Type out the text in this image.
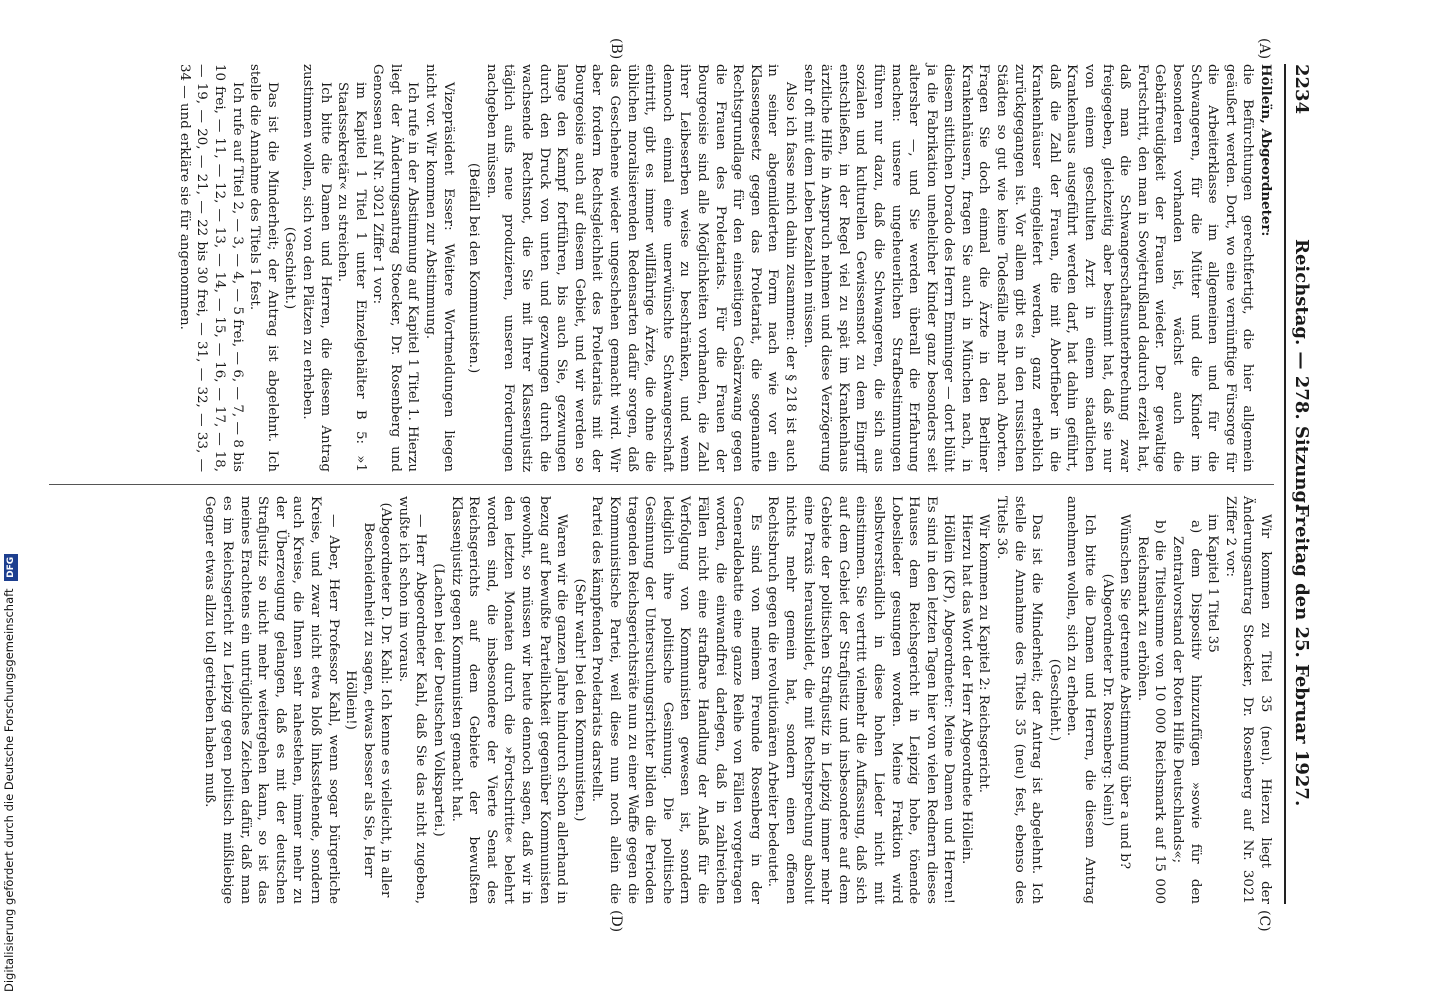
2234
Reichstag. — 278. Sitzung.
Freitag den 25. Februar 1927.
(A)
(B)
(C)
(D)

Hölleïn, Abgeordneter:

die Befürchtungen gerechtfertigt, die hier allgemein geäußert werden. Dort, wo eine vernünftige Fürsorge für die Arbeiterklasse im allgemeinen und für die Schwangeren, für die Mütter und die Kinder im besonderen vorhanden ist, wächst auch die Gebärfreudigkeit der Frauen wieder. Der gewaltige Fortschritt, den man in Sowjetrußland dadurch erzielt hat, daß man die Schwangerschaftsunterbrechung zwar freigegeben, gleichzeitig aber bestimmt hat, daß sie nur von einem geschulten Arzt in einem staatlichen Krankenhaus ausgeführt werden darf, hat dahin geführt, daß die Zahl der Frauen, die mit Abortfieber in die Krankenhäuser eingeliefert werden, ganz erheblich zurückgegangen ist. Vor allem gibt es in den russischen Städten so gut wie keine Todesfälle mehr nach Aborten. Fragen Sie doch einmal die Ärzte in den Berliner Krankenhäusern, fragen Sie auch in München nach, in diesem sittlichen Dorado des Herrn Emminger — dort blüht ja die Fabrikation unehelicher Kinder ganz besonders seit altersher —, und Sie werden überall die Erfahrung machen: unsere ungeheuerlichen Strafbestimmungen führen nur dazu, daß die Schwangeren, die sich aus sozialen und kulturellen Gewissensnot zu dem Eingriff entschließen, in der Regel viel zu spät im Krankenhaus ärztliche Hilfe in Anspruch nehmen und diese Verzögerung sehr oft mit dem Leben bezahlen müssen.

Also ich fasse mich dahin zusammen: der § 218 ist auch in seiner abgemilderten Form nach wie vor ein Klassengesetz gegen das Proletariat, die sogenannte Rechtsgrundlage für den einseitigen Gebärzwang gegen die Frauen des Proletariats. Für die Frauen der Bourgeoisie sind alle Möglichkeiten vorhanden, die Zahl ihrer Leibeserben weise zu beschränken, und wenn dennoch einmal eine unerwünschte Schwangerschaft eintritt, gibt es immer willfährige Ärzte, die ohne die üblichen moralisierenden Redensarten dafür sorgen, daß das Geschehene wieder ungeschehen gemacht wird. Wir aber fordern Rechtsgleichheit des Proletariats mit der Bourgeoisie auch auf diesem Gebiet, und wir werden so lange den Kampf fortführen, bis auch Sie, gezwungen durch den Druck von unten und gezwungen durch die wachsende Rechtsnot, die Sie mit Ihrer Klassenjustiz täglich aufs neue produzieren, unseren Forderungen nachgeben müssen.

(Beifall bei den Kommunisten.)

Vizepräsident Esser: Weitere Wortmeldungen liegen nicht vor. Wir kommen zur Abstimmung.

Ich rufe in der Abstimmung auf Kapitel 1 Titel 1. Hierzu liegt der Änderungsantrag Stoecker, Dr. Rosenberg und Genossen auf Nr. 3021 Ziffer 1 vor:

im Kapitel 1 Titel 1 unter Einzelgehälter B 5: »1 Staatssekretär« zu streichen.

Ich bitte die Damen und Herren, die diesem Antrag zustimmen wollen, sich von den Plätzen zu erheben.

(Geschieht.)

Das ist die Minderheit; der Antrag ist abgelehnt. Ich stelle die Annahme des Titels 1 fest.

Ich rufe auf Titel 2, — 3, — 4, — 5 frei, — 6, — 7, — 8 bis 10 frei, — 11, — 12, — 13, — 14, — 15, — 16, — 17, — 18, — 19, — 20, — 21, — 22 bis 30 frei, — 31, — 32, — 33, — 34 — und erkläre sie für angenommen.

Wir kommen zu Titel 35 (neu). Hierzu liegt der Änderungsantrag Stoecker, Dr. Rosenberg auf Nr. 3021 Ziffer 2 vor:

im Kapitel 1 Titel 35

a) dem Dispositiv hinzuzufügen »sowie für den Zentralvorstand der Roten Hilfe Deutschlands«;

b) die Titelsumme von 10 000 Reichsmark auf 15 000 Reichsmark zu erhöhen.

Wünschen Sie getrennte Abstimmung über a und b?

(Abgeordneter Dr. Rosenberg: Nein!)

Ich bitte die Damen und Herren, die diesem Antrag annehmen wollen, sich zu erheben.

(Geschieht.)

Das ist die Minderheit; der Antrag ist abgelehnt. Ich stelle die Annahme des Titels 35 (neu) fest, ebenso des Titels 36.

Wir kommen zu Kapitel 2: Reichsgericht.

Hierzu hat das Wort der Herr Abgeordnete Höllein.

Höllein (KP), Abgeordneter: Meine Damen und Herren! Es sind in den letzten Tagen hier von vielen Rednern dieses Hauses dem Reichsgericht in Leipzig hohe, tönende Lobeslieder gesungen worden. Meine Fraktion wird selbstverständlich in diese hohen Lieder nicht mit einstimmen. Sie vertritt vielmehr die Auffassung, daß sich auf dem Gebiet der Strafjustiz und insbesondere auf dem Gebiete der politischen Strafjustiz in Leipzig immer mehr eine Praxis herausbildet, die mit Rechtsprechung absolut nichts mehr gemein hat, sondern einen offenen Rechtsbruch gegen die revolutionären Arbeiter bedeutet.

Es sind von meinem Freunde Rosenberg in der Generaldebatte eine ganze Reihe von Fällen vorgetragen worden, die einwandfrei darlegen, daß in zahlreichen Fällen nicht eine strafbare Handlung der Anlaß für die Verfolgung von Kommunisten gewesen ist, sondern lediglich ihre politische Gesinnung. Die politische Gesinnung der Untersuchungsrichter bilden die Perioden tragenden Reichsgerichtsräte nun zu einer Waffe gegen die Kommunistische Partei, weil diese nun noch allein die Partei des kämpfenden Proletariats darstellt.

(Sehr wahr! bei den Kommunisten.)

Waren wir die ganzen Jahre hindurch schon allerhand in bezug auf bewußte Parteilichkeit gegenüber Kommunisten gewohnt, so müssen wir heute dennoch sagen, daß wir in den letzten Monaten durch die »Fortschritte« belehrt worden sind, die insbesondere der Vierte Senat des Reichsgerichts auf dem Gebiete der bewußten Klassenjustiz gegen Kommunisten gemacht hat.

(Lachen bei der Deutschen Volkspartei.)

— Herr Abgeordneter Kahl, daß Sie das nicht zugeben, wußte ich schon im voraus.

(Abgeordneter D. Dr. Kahl: Ich kenne es vielleicht, in aller Bescheidenheit zu sagen, etwas besser als Sie, Herr Höllein!)

— Aber, Herr Professor Kahl, wenn sogar bürgerliche Kreise, und zwar nicht etwa bloß linksstehende, sondern auch Kreise, die Ihnen sehr nahestehen, immer mehr zu der Überzeugung gelangen, daß es mit der deutschen Strafjustiz so nicht mehr weitergehen kann, so ist das meines Erachtens ein untrügliches Zeichen dafür, daß man es im Reichsgericht zu Leipzig gegen politisch mißliebige Gegner etwas allzu toll getrieben haben muß.

Digitalisierung gefördert durch die Deutsche Forschungsgemeinschaft DFG
